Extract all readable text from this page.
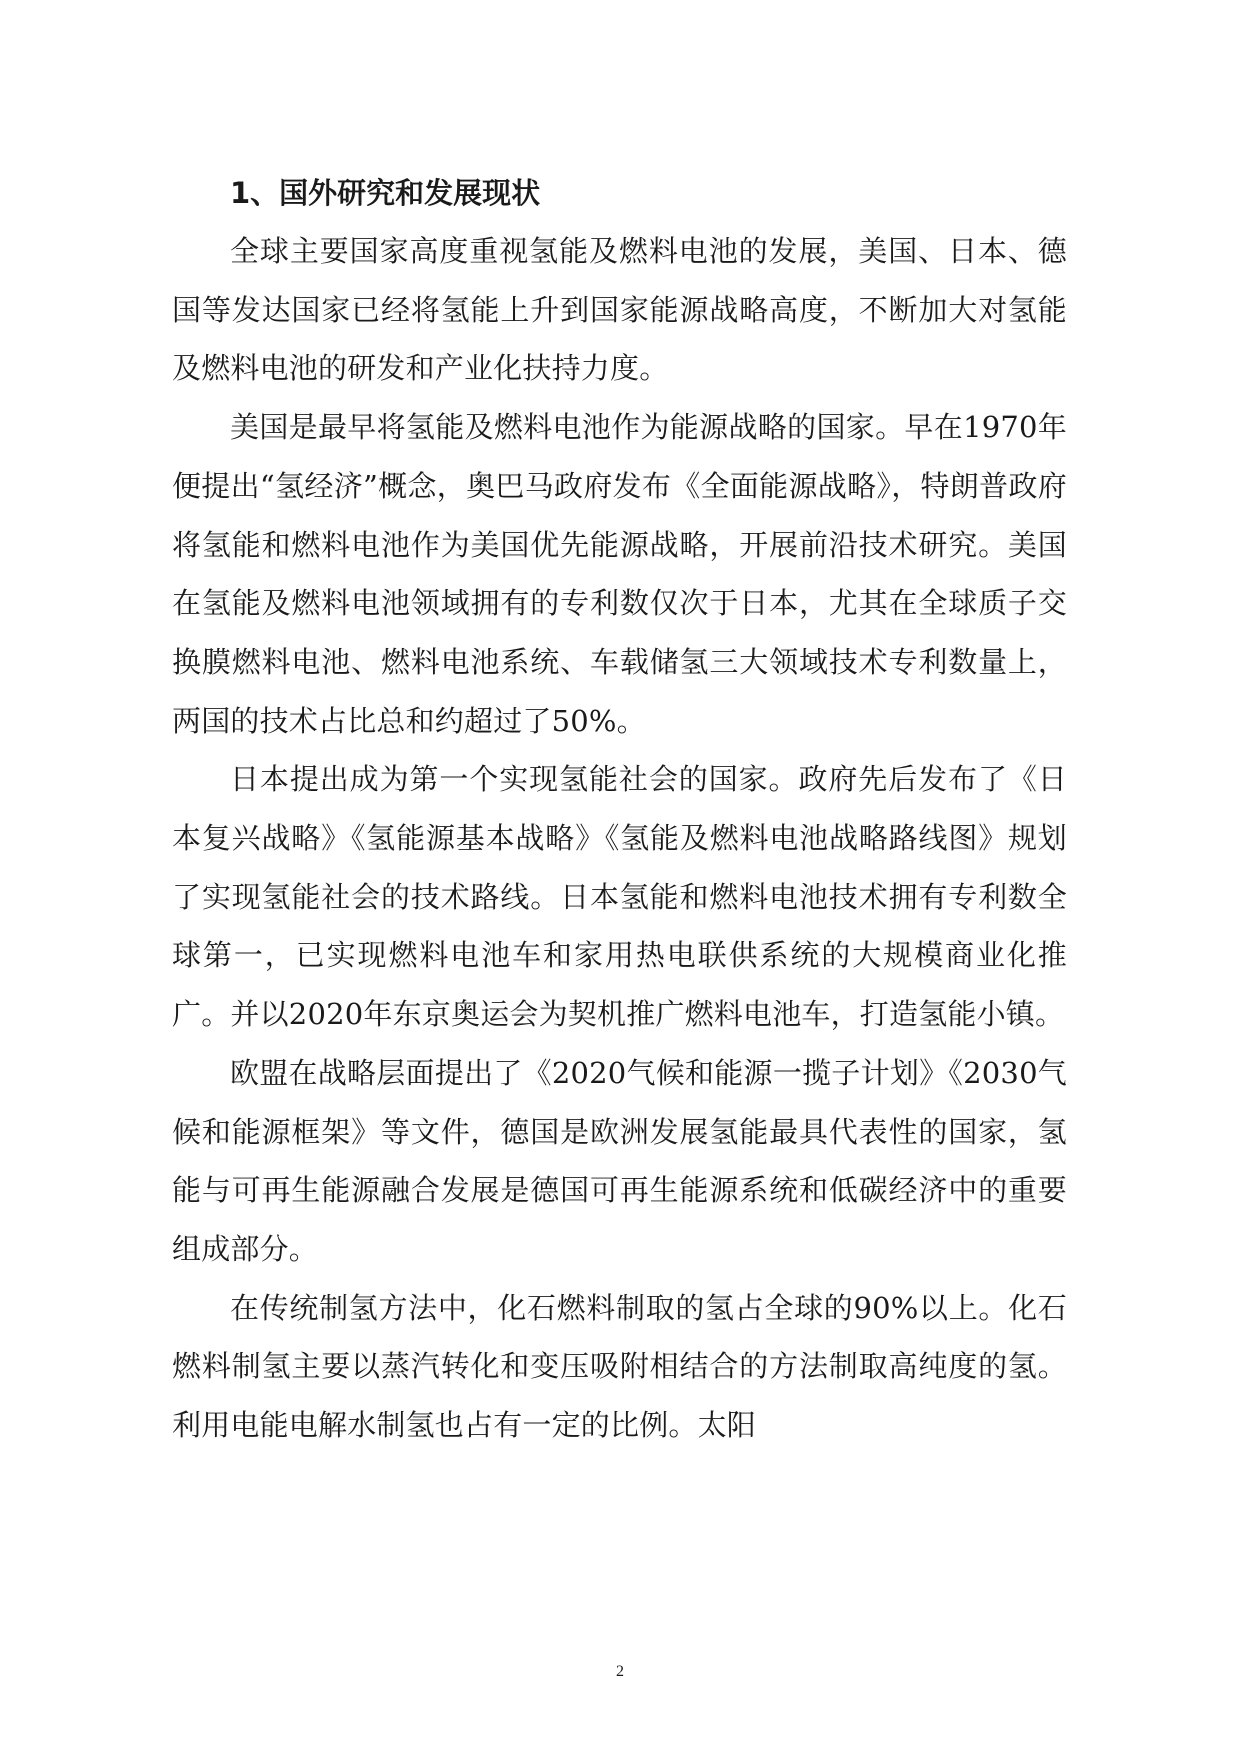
1、国外研究和发展现状

全球主要国家高度重视氢能及燃料电池的发展，美国、日本、德国等发达国家已经将氢能上升到国家能源战略高度，不断加大对氢能及燃料电池的研发和产业化扶持力度。

美国是最早将氢能及燃料电池作为能源战略的国家。早在1970年便提出“氢经济”概念，奥巴马政府发布《全面能源战略》，特朗普政府将氢能和燃料电池作为美国优先能源战略，开展前沿技术研究。美国在氢能及燃料电池领域拥有的专利数仅次于日本，尤其在全球质子交换膜燃料电池、燃料电池系统、车载储氢三大领域技术专利数量上，两国的技术占比总和约超过了50%。

日本提出成为第一个实现氢能社会的国家。政府先后发布了《日本复兴战略》《氢能源基本战略》《氢能及燃料电池战略路线图》规划了实现氢能社会的技术路线。日本氢能和燃料电池技术拥有专利数全球第一，已实现燃料电池车和家用热电联供系统的大规模商业化推广。并以2020年东京奥运会为契机推广燃料电池车，打造氢能小镇。

欧盟在战略层面提出了《2020气候和能源一揽子计划》《2030气候和能源框架》等文件，德国是欧洲发展氢能最具代表性的国家，氢能与可再生能源融合发展是德国可再生能源系统和低碳经济中的重要组成部分。

在传统制氢方法中，化石燃料制取的氢占全球的90%以上。化石燃料制氢主要以蒸汽转化和变压吸附相结合的方法制取高纯度的氢。利用电能电解水制氢也占有一定的比例。太阳

2
